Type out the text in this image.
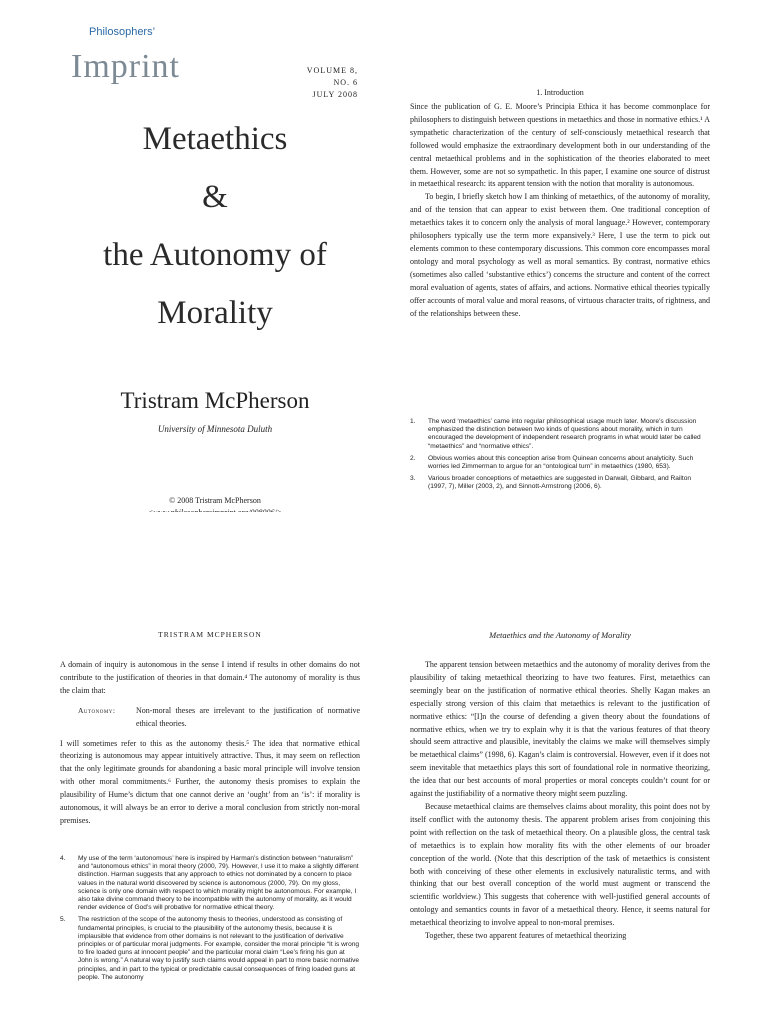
Philosophers’
Imprint	VOLUME 8, NO. 6
JULY 2008
Metaethics
&
the Autonomy of
Morality
Tristram McPherson
University of Minnesota Duluth
© 2008 Tristram McPherson
1. Introduction

Since the publication of G. E. Moore’s Principia Ethica it has become commonplace for philosophers to distinguish between questions in metaethics and those in normative ethics.¹ A sympathetic characterization of the century of self-consciously metaethical research that followed would emphasize the extraordinary development both in our understanding of the central metaethical problems and in the sophistication of the theories elaborated to meet them. However, some are not so sympathetic. In this paper, I examine one source of distrust in metaethical research: its apparent tension with the notion that morality is autonomous.

To begin, I briefly sketch how I am thinking of metaethics, of the autonomy of morality, and of the tension that can appear to exist between them. One traditional conception of metaethics takes it to concern only the analysis of moral language.² However, contemporary philosophers typically use the term more expansively.³ Here, I use the term to pick out elements common to these contemporary discussions. This common core encompasses moral ontology and moral psychology as well as moral semantics. By contrast, normative ethics (sometimes also called ‘substantive ethics’) concerns the structure and content of the correct moral evaluation of agents, states of affairs, and actions. Normative ethical theories typically offer accounts of moral value and moral reasons, of virtuous character traits, of rightness, and of the relationships between these.

1.	The word ‘metaethics’ came into regular philosophical usage much later. Moore’s discussion emphasized the distinction between two kinds of questions about morality, which in turn encouraged the development of independent research programs in what would later be called “metaethics” and “normative ethics”.
2.	Obvious worries about this conception arise from Quinean concerns about analyticity. Such worries led Zimmerman to argue for an “ontological turn” in metaethics (1980, 653).
3.	Various broader conceptions of metaethics are suggested in Darwall, Gibbard, and Railton (1997, 7), Miller (2003, 2), and Sinnott-Armstrong (2006, 6).
TRISTRAM MCPHERSON	Metaethics and the Autonomy of Morality

A domain of inquiry is autonomous in the sense I intend if results in other domains do not contribute to the justification of theories in that domain.⁴ The autonomy of morality is thus the claim that:

Autonomy:	Non-moral theses are irrelevant to the justification of normative ethical theories.

I will sometimes refer to this as the autonomy thesis.⁵ The idea that normative ethical theorizing is autonomous may appear intuitively attractive. Thus, it may seem on reflection that the only legitimate grounds for abandoning a basic moral principle will involve tension with other moral commitments.⁶ Further, the autonomy thesis promises to explain the plausibility of Hume’s dictum that one cannot derive an ‘ought’ from an ‘is’: if morality is autonomous, it will always be an error to derive a moral conclusion from strictly non-moral premises.

4.	My use of the term ‘autonomous’ here is inspired by Harman’s distinction between “naturalism” and “autonomous ethics” in moral theory (2000, 79). However, I use it to make a slightly different distinction. Harman suggests that any approach to ethics not dominated by a concern to place values in the natural world discovered by science is autonomous (2000, 79). On my gloss, science is only one domain with respect to which morality might be autonomous. For example, I also take divine command theory to be incompatible with the autonomy of morality, as it would render evidence of God’s will probative for normative ethical theory.
5.	The restriction of the scope of the autonomy thesis to theories, understood as consisting of fundamental principles, is crucial to the plausibility of the autonomy thesis, because it is implausible that evidence from other domains is not relevant to the justification of derivative principles or of particular moral judgments. For example, consider the moral principle “It is wrong to fire loaded guns at innocent people” and the particular moral claim “Lee’s firing his gun at John is wrong.” A natural way to justify such claims would appeal in part to more basic normative principles, and in part to the typical or predictable causal consequences of firing loaded guns at people. The autonomy

The apparent tension between metaethics and the autonomy of morality derives from the plausibility of taking metaethical theorizing to have two features. First, metaethics can seemingly bear on the justification of normative ethical theories. Shelly Kagan makes an especially strong version of this claim that metaethics is relevant to the justification of normative ethics: “[I]n the course of defending a given theory about the foundations of normative ethics, when we try to explain why it is that the various features of that theory should seem attractive and plausible, inevitably the claims we make will themselves simply be metaethical claims” (1998, 6). Kagan’s claim is controversial. However, even if it does not seem inevitable that metaethics plays this sort of foundational role in normative theorizing, the idea that our best accounts of moral properties or moral concepts couldn’t count for or against the justifiability of a normative theory might seem puzzling.

Because metaethical claims are themselves claims about morality, this point does not by itself conflict with the autonomy thesis. The apparent problem arises from conjoining this point with reflection on the task of metaethical theory. On a plausible gloss, the central task of metaethics is to explain how morality fits with the other elements of our broader conception of the world. (Note that this description of the task of metaethics is consistent both with conceiving of these other elements in exclusively naturalistic terms, and with thinking that our best overall conception of the world must augment or transcend the scientific worldview.) This suggests that coherence with well-justified general accounts of ontology and semantics counts in favor of a metaethical theory. Hence, it seems natural for metaethical theorizing to involve appeal to non-moral premises.

Together, these two apparent features of metaethical theorizing
